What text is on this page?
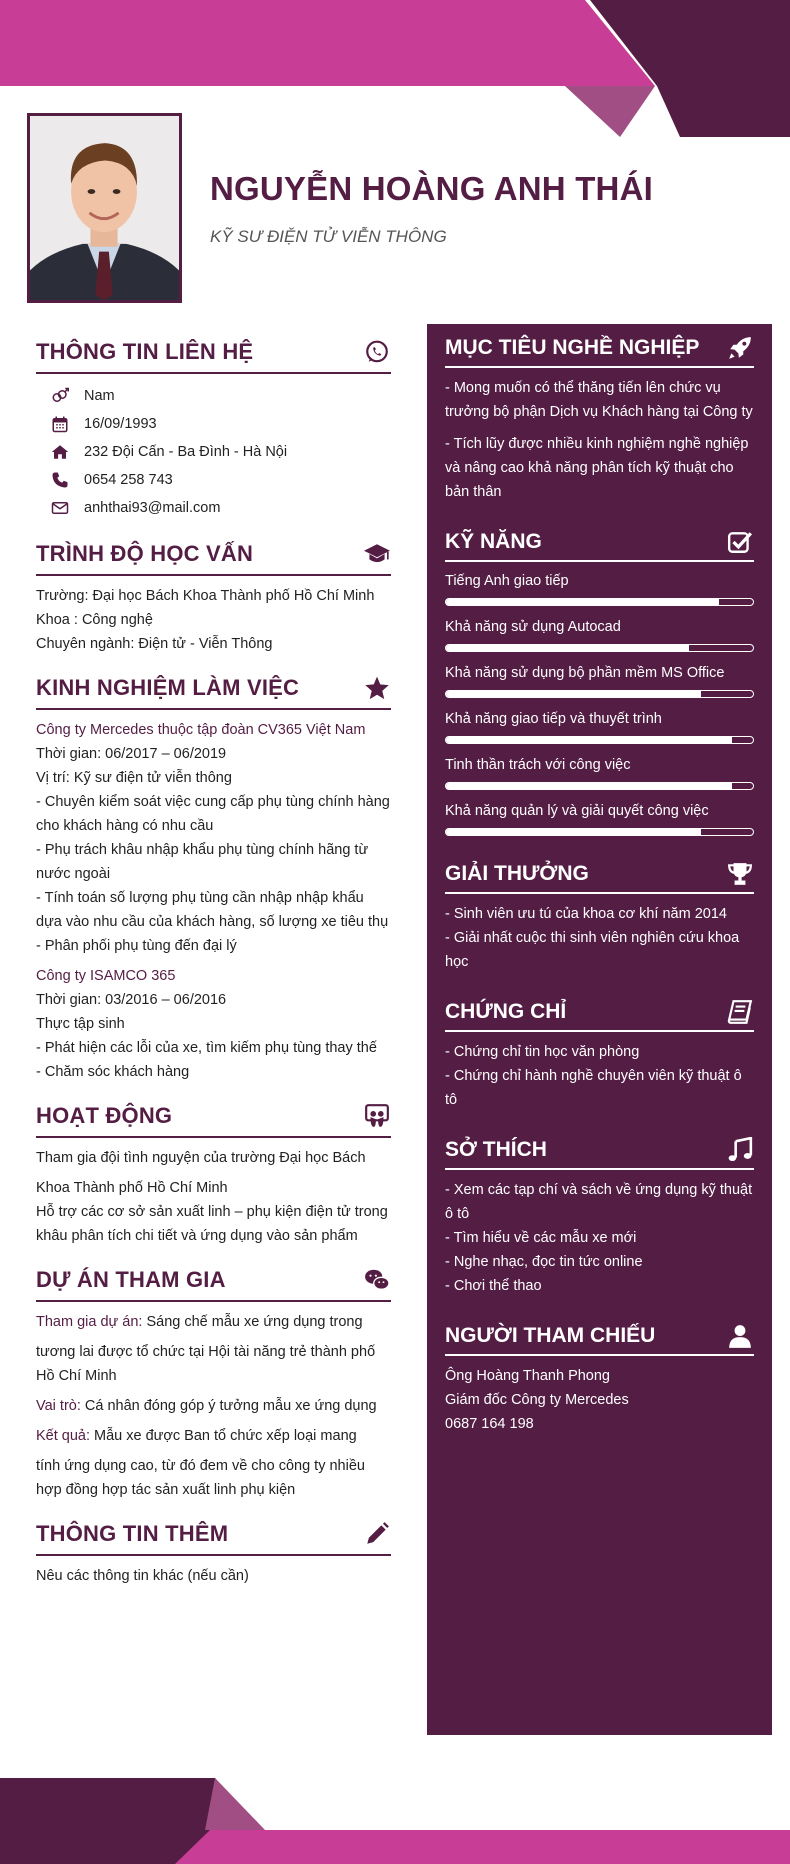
NGUYỄN HOÀNG ANH THÁI
KỸ SƯ ĐIỆN TỬ VIỄN THÔNG
THÔNG TIN LIÊN HỆ
Nam
16/09/1993
232 Đội Cấn - Ba Đình - Hà Nội
0654 258 743
anhthai93@mail.com
TRÌNH ĐỘ HỌC VẤN
Trường: Đại học Bách Khoa Thành phố Hồ Chí Minh
Khoa : Công nghệ
Chuyên ngành: Điện tử - Viễn Thông
KINH NGHIỆM LÀM VIỆC
Công ty Mercedes thuộc tập đoàn CV365 Việt Nam
Thời gian: 06/2017 – 06/2019
Vị trí: Kỹ sư điện tử viễn thông
- Chuyên kiểm soát việc cung cấp phụ tùng chính hàng cho khách hàng có nhu cầu
- Phụ trách khâu nhập khẩu phụ tùng chính hãng từ nước ngoài
- Tính toán số lượng phụ tùng cần nhập nhập khẩu dựa vào nhu cầu của khách hàng, số lượng xe tiêu thụ
- Phân phối phụ tùng đến đại lý
Công ty ISAMCO 365
Thời gian: 03/2016 – 06/2016
Thực tập sinh
- Phát hiện các lỗi của xe, tìm kiếm phụ tùng thay thế
- Chăm sóc khách hàng
HOẠT ĐỘNG
Tham gia đội tình nguyện của trường Đại học Bách
Khoa Thành phố Hồ Chí Minh
Hỗ trợ các cơ sở sản xuất linh – phụ kiện điện tử trong khâu phân tích chi tiết và ứng dụng vào sản phẩm
DỰ ÁN THAM GIA
Tham gia dự án: Sáng chế mẫu xe ứng dụng trong
tương lai được tổ chức tại Hội tài năng trẻ thành phố Hồ Chí Minh
Vai trò: Cá nhân đóng góp ý tưởng mẫu xe ứng dụng
Kết quả: Mẫu xe được Ban tổ chức xếp loại mang
tính ứng dụng cao, từ đó đem về cho công ty nhiều hợp đồng hợp tác sản xuất linh phụ kiện
THÔNG TIN THÊM
Nêu các thông tin khác (nếu cần)
MỤC TIÊU NGHỀ NGHIỆP
- Mong muốn có thể thăng tiến lên chức vụ trưởng bộ phận Dịch vụ Khách hàng tại Công ty
- Tích lũy được nhiều kinh nghiệm nghề nghiệp và nâng cao khả năng phân tích kỹ thuật cho bản thân
KỸ NĂNG
Tiếng Anh giao tiếp
Khả năng sử dụng Autocad
Khả năng sử dụng bộ phần mềm MS Office
Khả năng giao tiếp và thuyết trình
Tinh thần trách với công việc
Khả năng quản lý và giải quyết công việc
GIẢI THƯỞNG
- Sinh viên ưu tú của khoa cơ khí năm 2014
- Giải nhất cuộc thi sinh viên nghiên cứu khoa học
CHỨNG CHỈ
- Chứng chỉ tin học văn phòng
- Chứng chỉ hành nghề chuyên viên kỹ thuật ô tô
SỞ THÍCH
- Xem các tạp chí và sách về ứng dụng kỹ thuật ô tô
- Tìm hiểu về các mẫu xe mới
- Nghe nhạc, đọc tin tức online
- Chơi thể thao
NGƯỜI THAM CHIẾU
Ông Hoàng Thanh Phong
Giám đốc Công ty Mercedes
0687 164 198
